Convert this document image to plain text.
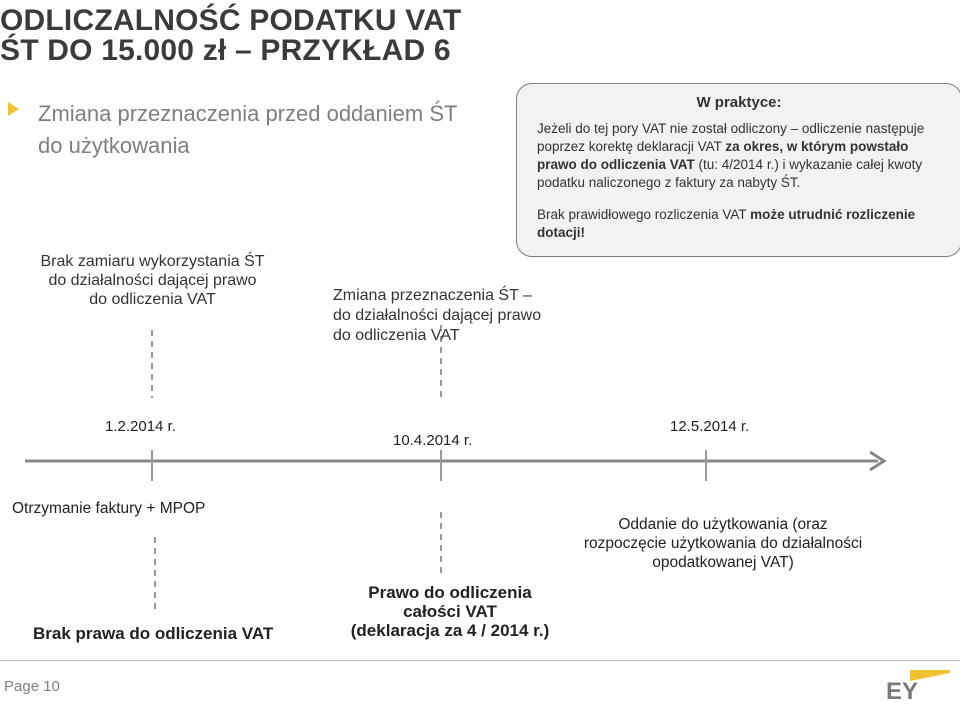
ODLICZALNOŚĆ PODATKU VAT
ŚT DO 15.000 zł – PRZYKŁAD 6
Zmiana przeznaczenia przed oddaniem ŚT
do użytkowania
W praktyce:
Jeżeli do tej pory VAT nie został odliczony – odliczenie następuje poprzez korektę deklaracji VAT za okres, w którym powstało prawo do odliczenia VAT (tu: 4/2014 r.) i wykazanie całej kwoty podatku naliczonego z faktury za nabyty ŚT.
Brak prawidłowego rozliczenia VAT może utrudnić rozliczenie dotacji!
Brak zamiaru wykorzystania ŚT
do działalności dającej prawo
do odliczenia VAT	Zmiana przeznaczenia ŚT –
do działalności dającej prawo
do odliczenia VAT
1.2.2014 r.
10.4.2014 r.
12.5.2014 r.
Otrzymanie faktury + MPOP
Brak prawa do odliczenia VAT
Prawo do odliczenia
całości VAT
(deklaracja za 4 / 2014 r.)
Oddanie do użytkowania (oraz
rozpoczęcie użytkowania do działalności
opodatkowanej VAT)
Page 10	EY
